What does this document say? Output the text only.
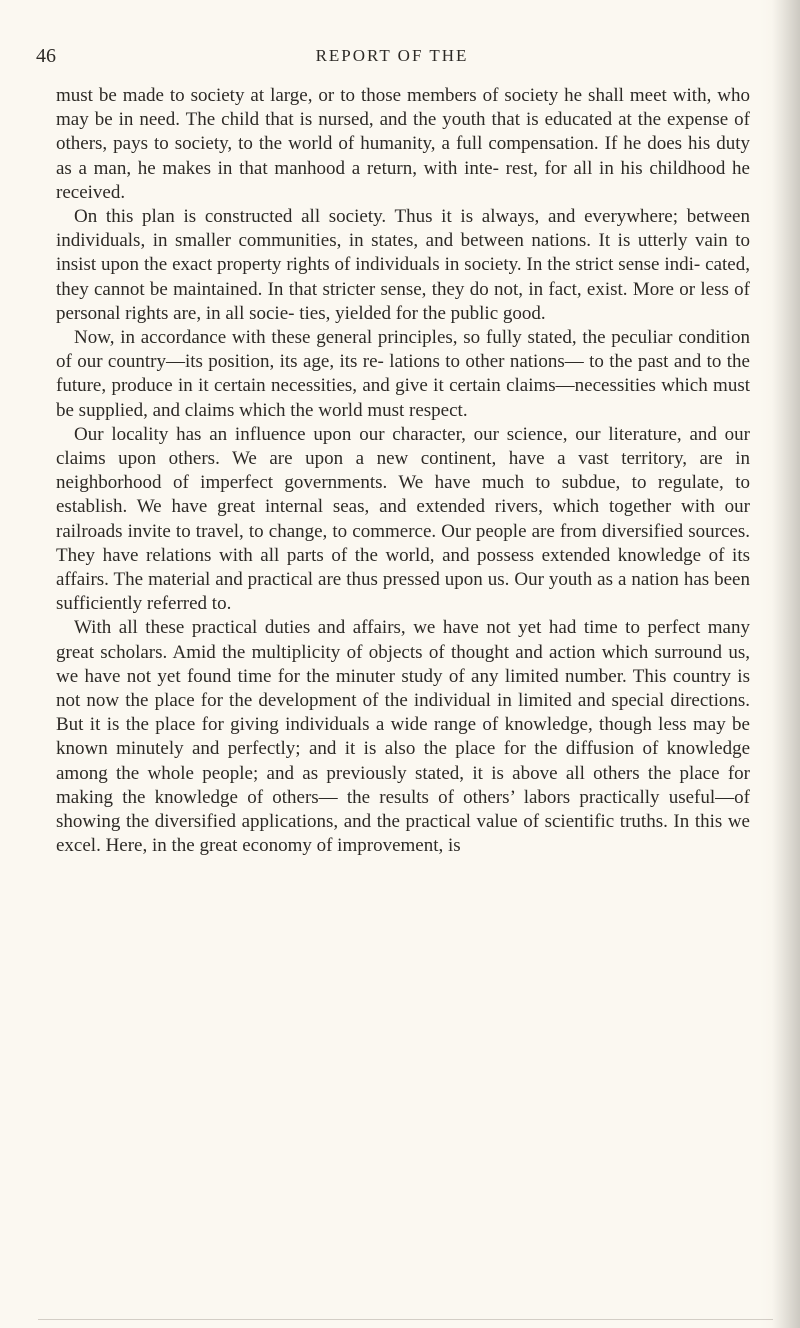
46	REPORT OF THE

must be made to society at large, or to those members of society he shall meet with, who may be in need. The child that is nursed, and the youth that is educated at the expense of others, pays to society, to the world of humanity, a full compensation. If he does his duty as a man, he makes in that manhood a return, with inte- rest, for all in his childhood he received.

On this plan is constructed all society. Thus it is always, and everywhere; between individuals, in smaller communities, in states, and between nations. It is utterly vain to insist upon the exact property rights of individuals in society. In the strict sense indi- cated, they cannot be maintained. In that stricter sense, they do not, in fact, exist. More or less of personal rights are, in all socie- ties, yielded for the public good.

Now, in accordance with these general principles, so fully stated, the peculiar condition of our country—its position, its age, its re- lations to other nations— to the past and to the future, produce in it certain necessities, and give it certain claims—necessities which must be supplied, and claims which the world must respect.

Our locality has an influence upon our character, our science, our literature, and our claims upon others. We are upon a new continent, have a vast territory, are in neighborhood of imperfect governments. We have much to subdue, to regulate, to establish. We have great internal seas, and extended rivers, which together with our railroads invite to travel, to change, to commerce. Our people are from diversified sources. They have relations with all parts of the world, and possess extended knowledge of its affairs. The material and practical are thus pressed upon us. Our youth as a nation has been sufficiently referred to.

With all these practical duties and affairs, we have not yet had time to perfect many great scholars. Amid the multiplicity of objects of thought and action which surround us, we have not yet found time for the minuter study of any limited number. This country is not now the place for the development of the individual in limited and special directions. But it is the place for giving individuals a wide range of knowledge, though less may be known minutely and perfectly; and it is also the place for the diffusion of knowledge among the whole people; and as previously stated, it is above all others the place for making the knowledge of others— the results of others’ labors practically useful—of showing the diversified applications, and the practical value of scientific truths. In this we excel. Here, in the great economy of improvement, is
